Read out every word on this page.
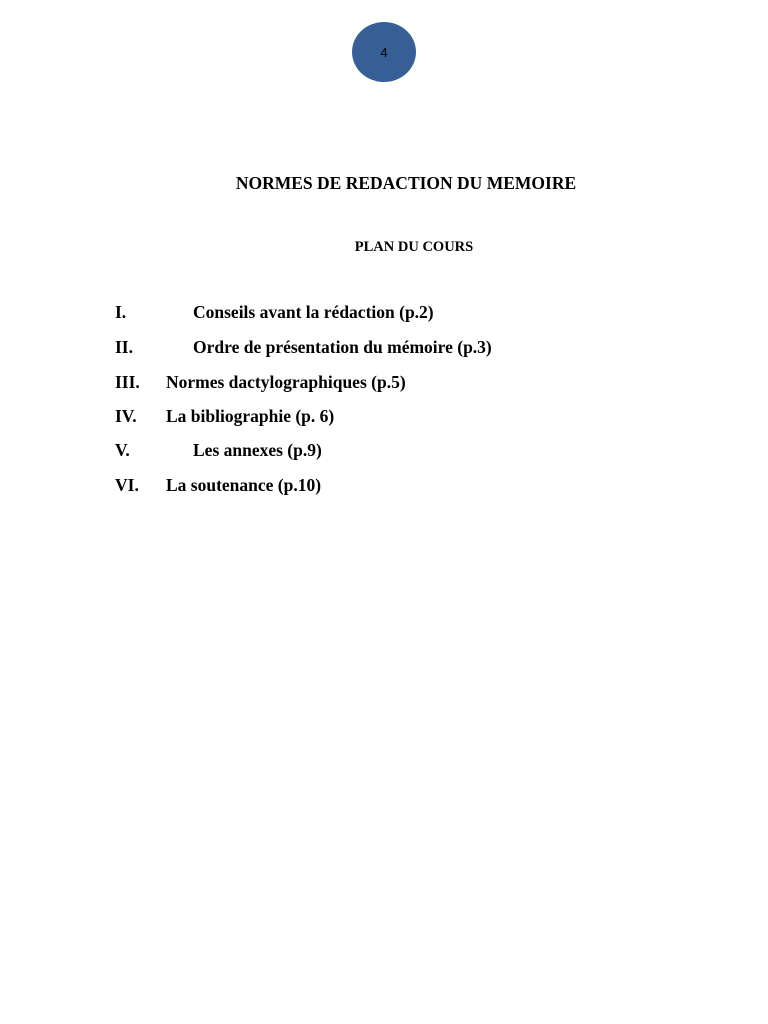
4
NORMES DE REDACTION DU MEMOIRE
PLAN DU COURS
I.	Conseils avant la rédaction (p.2)
II.	Ordre de présentation du mémoire (p.3)
III. Normes dactylographiques (p.5)
IV. La bibliographie (p. 6)
V.	Les annexes (p.9)
VI. La soutenance (p.10)
